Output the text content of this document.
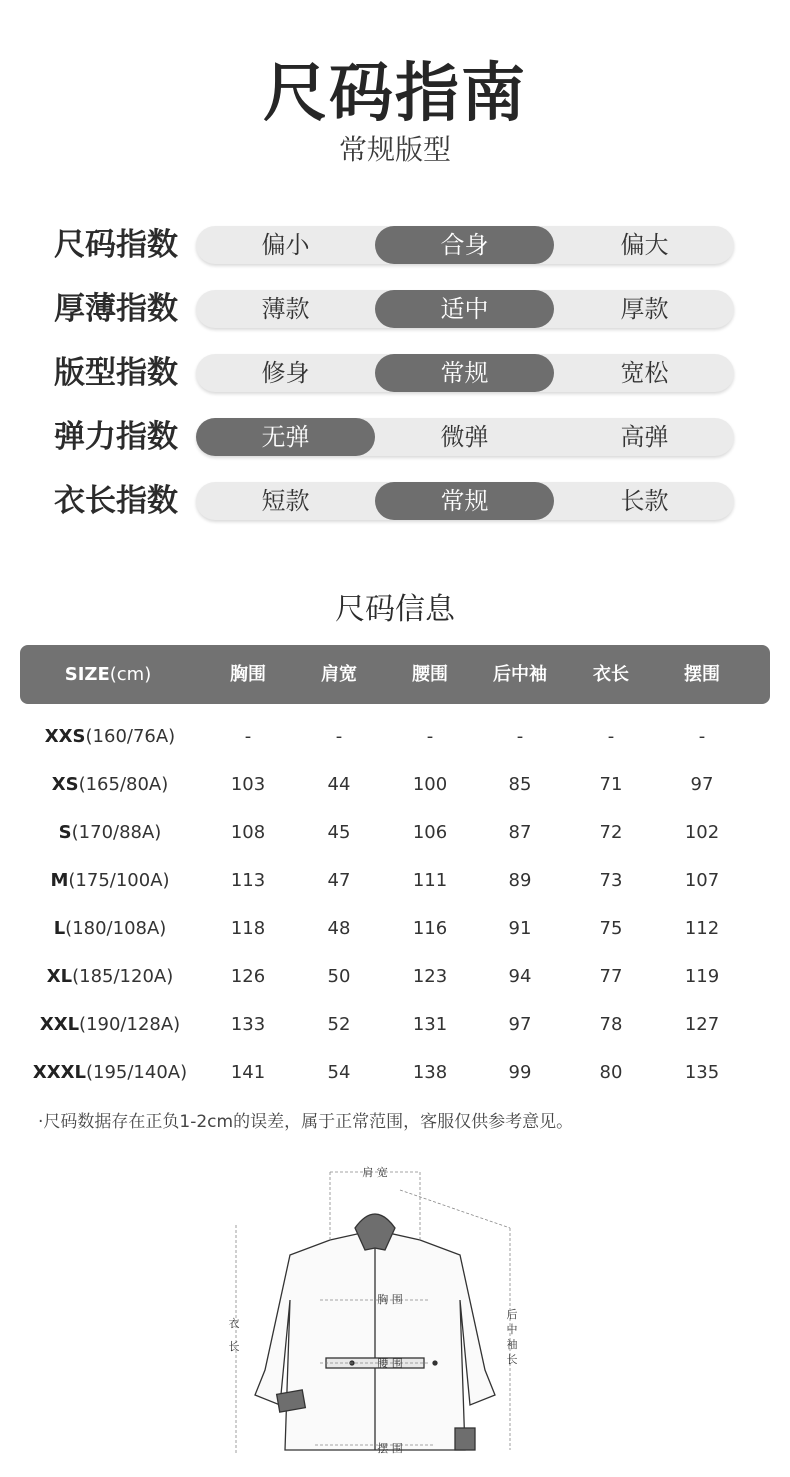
尺码指南
常规版型
尺码指数	偏小	合身	偏大
厚薄指数	薄款	适中	厚款
版型指数	修身	常规	宽松
弹力指数	无弹	微弹	高弹
衣长指数	短款	常规	长款
尺码信息
SIZE(cm)	胸围	肩宽	腰围	后中袖	衣长	摆围
XXS(160/76A)	-	-	-	-	-	-
XS(165/80A)	103	44	100	85	71	97
S(170/88A)	108	45	106	87	72	102
M(175/100A)	113	47	111	89	73	107
L(180/108A)	118	48	116	91	75	112
XL(185/120A)	126	50	123	94	77	119
XXL(190/128A)	133	52	131	97	78	127
XXXL(195/140A)	141	54	138	99	80	135
·尺码数据存在正负1-2cm的误差，属于正常范围，客服仅供参考意见。
肩 宽
胸 围
腰 围
摆 围
衣
长
后
中
袖
长
